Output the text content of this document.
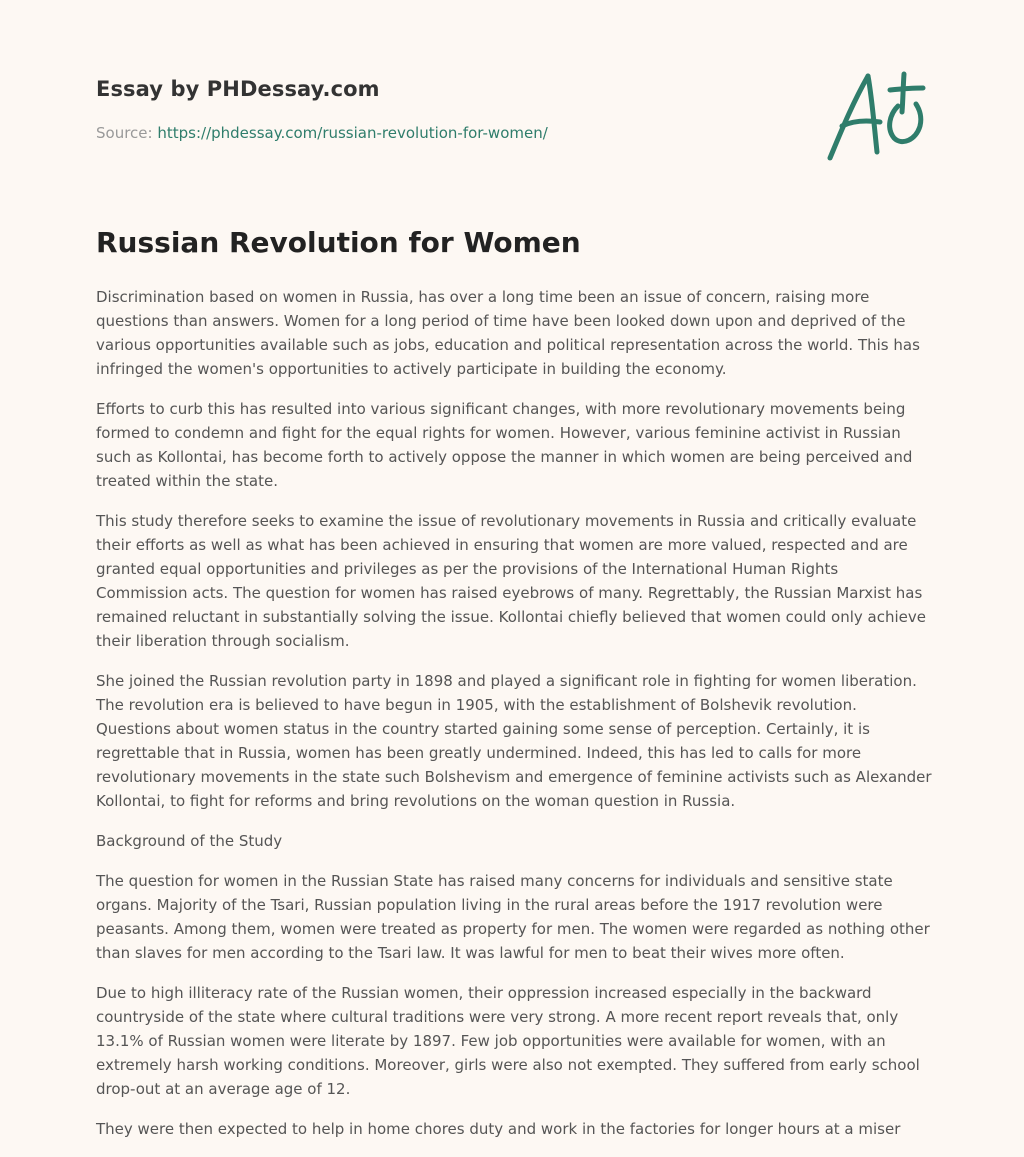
Essay by PHDessay.com
Source: https://phdessay.com/russian-revolution-for-women/
Russian Revolution for Women

Discrimination based on women in Russia, has over a long time been an issue of concern, raising more questions than answers. Women for a long period of time have been looked down upon and deprived of the various opportunities available such as jobs, education and political representation across the world. This has infringed the women's opportunities to actively participate in building the economy.

Efforts to curb this has resulted into various significant changes, with more revolutionary movements being formed to condemn and fight for the equal rights for women. However, various feminine activist in Russian such as Kollontai, has become forth to actively oppose the manner in which women are being perceived and treated within the state.

This study therefore seeks to examine the issue of revolutionary movements in Russia and critically evaluate their efforts as well as what has been achieved in ensuring that women are more valued, respected and are granted equal opportunities and privileges as per the provisions of the International Human Rights Commission acts. The question for women has raised eyebrows of many. Regrettably, the Russian Marxist has remained reluctant in substantially solving the issue. Kollontai chiefly believed that women could only achieve their liberation through socialism.

She joined the Russian revolution party in 1898 and played a significant role in fighting for women liberation. The revolution era is believed to have begun in 1905, with the establishment of Bolshevik revolution. Questions about women status in the country started gaining some sense of perception. Certainly, it is regrettable that in Russia, women has been greatly undermined. Indeed, this has led to calls for more revolutionary movements in the state such Bolshevism and emergence of feminine activists such as Alexander Kollontai, to fight for reforms and bring revolutions on the woman question in Russia.

Background of the Study

The question for women in the Russian State has raised many concerns for individuals and sensitive state organs. Majority of the Tsari, Russian population living in the rural areas before the 1917 revolution were peasants. Among them, women were treated as property for men. The women were regarded as nothing other than slaves for men according to the Tsari law. It was lawful for men to beat their wives more often.

Due to high illiteracy rate of the Russian women, their oppression increased especially in the backward countryside of the state where cultural traditions were very strong. A more recent report reveals that, only 13.1% of Russian women were literate by 1897. Few job opportunities were available for women, with an extremely harsh working conditions. Moreover, girls were also not exempted. They suffered from early school drop-out at an average age of 12.

They were then expected to help in home chores duty and work in the factories for longer hours at a miser
